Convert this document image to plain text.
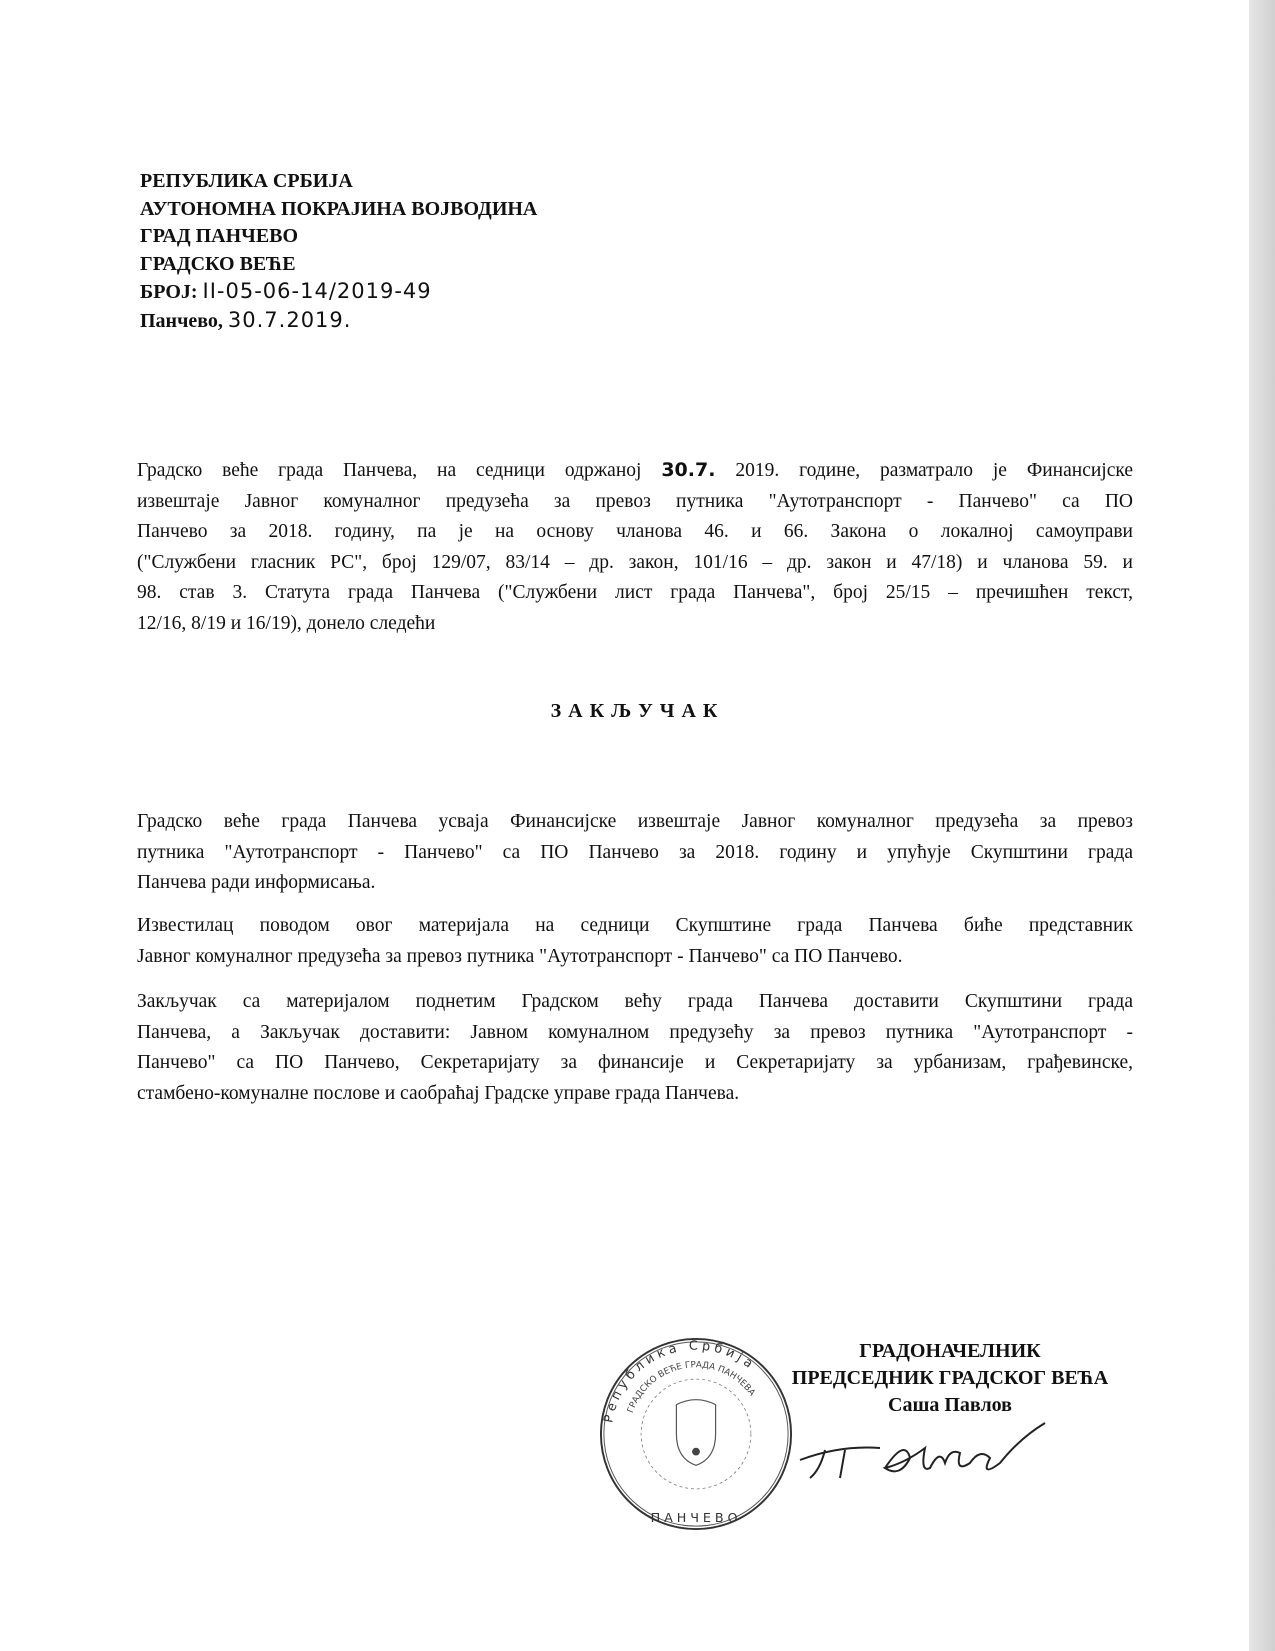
РЕПУБЛИКА СРБИЈА
АУТОНОМНА ПОКРАЈИНА ВОЈВОДИНА
ГРАД ПАНЧЕВО
ГРАДСКО ВЕЋЕ
БРОЈ: II-05-06-14/2019-49
Панчево, 30.7.2019.
Градско веће града Панчева, на седници одржаној 30.7. 2019. године, разматрало је Финансијске
извештаје Јавног комуналног предузећа за превоз путника "Аутотранспорт - Панчево" са ПО
Панчево за 2018. годину, па је на основу чланова 46. и 66. Закона о локалној самоуправи
("Службени гласник РС", број 129/07, 83/14 – др. закон, 101/16 – др. закон и 47/18) и чланова 59. и
98. став 3. Статута града Панчева ("Службени лист града Панчева", број 25/15 – пречишћен текст,
12/16, 8/19 и 16/19), донело следећи
ЗАКЉУЧАК
Градско веће града Панчева усваја Финансијске извештаје Јавног комуналног предузећа за превоз
путника "Аутотранспорт - Панчево" са ПО Панчево за 2018. годину и упућује Скупштини града
Панчева ради информисања.
Известилац поводом овог материјала на седници Скупштине града Панчева биће представник
Јавног комуналног предузећа за превоз путника "Аутотранспорт - Панчево" са ПО Панчево.
Закључак са материјалом поднетим Градском већу града Панчева доставити Скупштини града
Панчева, а Закључак доставити: Јавном комуналном предузећу за превоз путника "Аутотранспорт -
Панчево" са ПО Панчево, Секретаријату за финансије и Секретаријату за урбанизам, грађевинске,
стамбено-комуналне послове и саобраћај Градске управе града Панчева.
Република Србија
ГРАДСКО ВЕЋЕ ГРАДА ПАНЧЕВА
ПАНЧЕВО
ГРАДОНАЧЕЛНИК
ПРЕДСЕДНИК ГРАДСКОГ ВЕЋА
Саша Павлов
